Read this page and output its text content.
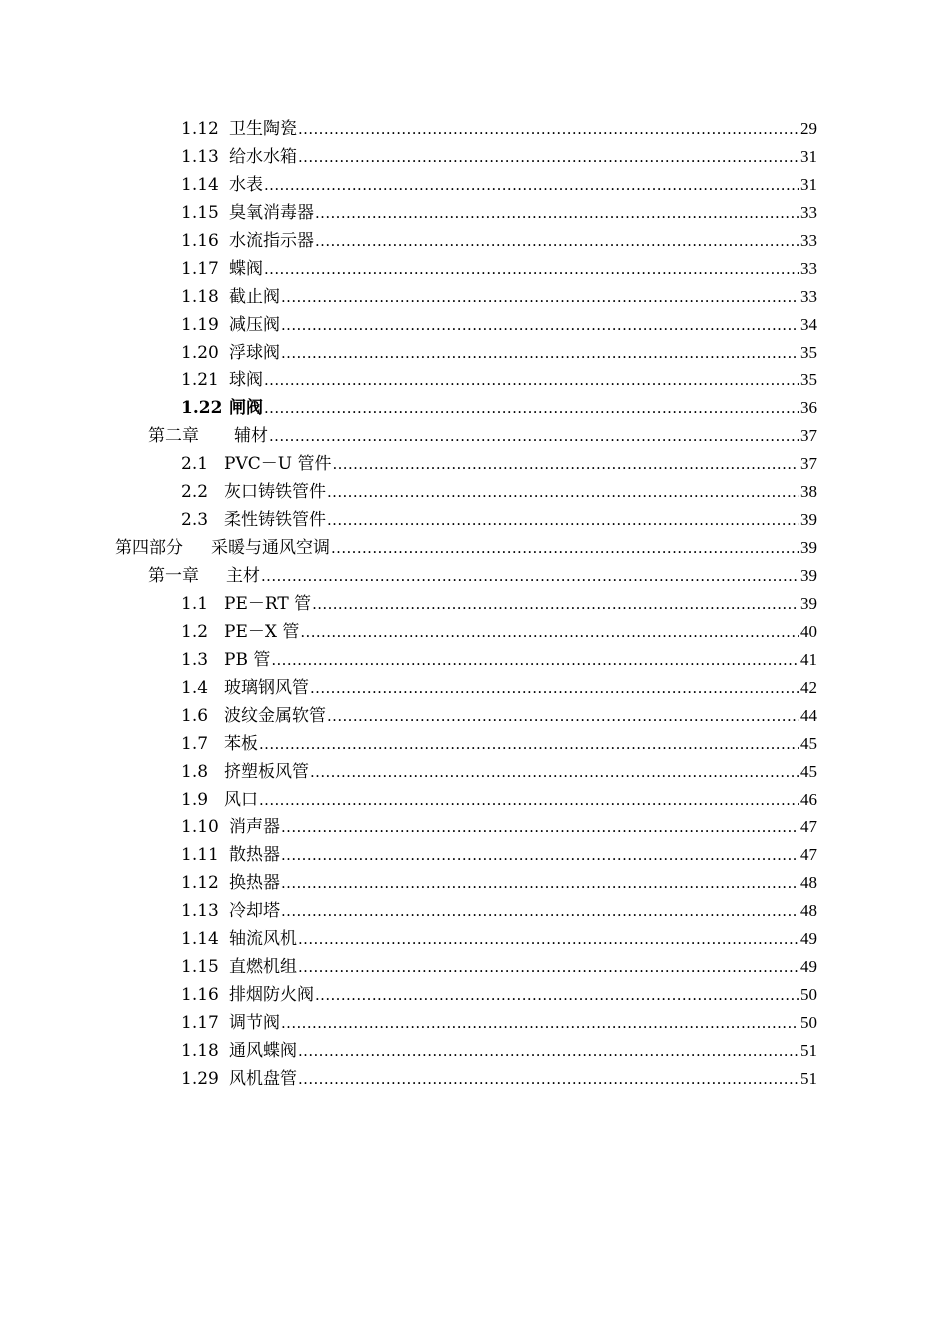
1.12 卫生陶瓷 .....	29
1.13 给水水箱 .....	31
1.14 水表 .....	31
1.15 臭氧消毒器 .....	33
1.16 水流指示器 .....	33
1.17 蝶阀 .....	33
1.18 截止阀 .....	33
1.19 减压阀 .....	34
1.20 浮球阀 .....	35
1.21 球阀 .....	35
1.22 闸阀 .....	36
第二章	辅材 .....	37
2.1 PVC－U 管件 .....	37
2.2 灰口铸铁管件 .....	38
2.3 柔性铸铁管件 .....	39
第四部分	采暖与通风空调 .....	39
第一章	主材 .....	39
1.1 PE－RT 管 .....	39
1.2 PE－X 管 .....	40
1.3 PB 管 .....	41
1.4 玻璃钢风管 .....	42
1.6 波纹金属软管 .....	44
1.7 苯板 .....	45
1.8 挤塑板风管 .....	45
1.9 风口 .....	46
1.10 消声器 .....	47
1.11 散热器 .....	47
1.12 换热器 .....	48
1.13 冷却塔 .....	48
1.14 轴流风机 .....	49
1.15 直燃机组 .....	49
1.16 排烟防火阀 .....	50
1.17 调节阀 .....	50
1.18 通风蝶阀 .....	51
1.29 风机盘管 .....	51
